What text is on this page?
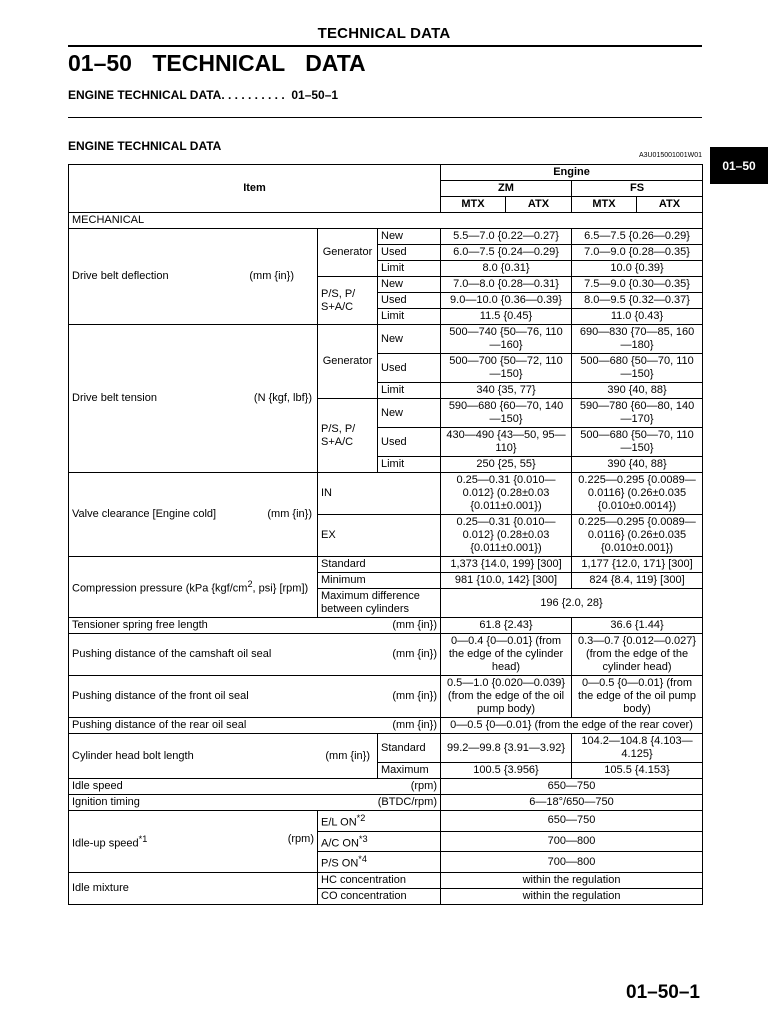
TECHNICAL DATA
01–50 TECHNICAL DATA
ENGINE TECHNICAL DATA. . . . . . . . . .  01–50–1
ENGINE TECHNICAL DATA
A3U015001001W01
01–50
Item			Engine			
			ZM		FS	
			MTX	ATX	MTX	ATX
MECHANICAL						
Drive belt deflection (mm {in})	Generator	New	5.5—7.0 {0.22—0.27}		6.5—7.5 {0.26—0.29}	
		Used	6.0—7.5 {0.24—0.29}		7.0—9.0 {0.28—0.35}	
		Limit	8.0 {0.31}		10.0 {0.39}	
	P/S, P/ S+A/C	New	7.0—8.0 {0.28—0.31}		7.5—9.0 {0.30—0.35}	
		Used	9.0—10.0 {0.36—0.39}		8.0—9.5 {0.32—0.37}	
		Limit	11.5 {0.45}		11.0 {0.43}	
Drive belt tension (N {kgf, lbf})	Generator	New	500—740 {50—76, 110—160}		690—830 {70—85, 160—180}	
		Used	500—700 {50—72, 110—150}		500—680 {50—70, 110—150}	
		Limit	340 {35, 77}		390 {40, 88}	
	P/S, P/ S+A/C	New	590—680 {60—70, 140—150}		590—780 {60—80, 140—170}	
		Used	430—490 {43—50, 95—110}		500—680 {50—70, 110—150}	
		Limit	250 {25, 55}		390 {40, 88}	
Valve clearance [Engine cold] (mm {in})	IN		0.25—0.31 {0.010—0.012} (0.28±0.03 {0.011±0.001})		0.225—0.295 {0.0089—0.0116} (0.26±0.035 {0.010±0.0014})	
	EX		0.25—0.31 {0.010—0.012} (0.28±0.03 {0.011±0.001})		0.225—0.295 {0.0089—0.0116} (0.26±0.035 {0.010±0.001})	
Compression pressure (kPa {$kgf/cm^2$, psi} [rpm])	Standard		1,373 {14.0, 199} [300]		1,177 {12.0, 171} [300]	
	Minimum		981 {10.0, 142} [300]		824 {8.4, 119} [300]	
	Maximum difference between cylinders		196 {2.0, 28}			
Tensioner spring free length (mm {in})			61.8 {2.43}		36.6 {1.44}	
Pushing distance of the camshaft oil seal (mm {in})			0—0.4 {0—0.01} (from the edge of the cylinder head)		0.3—0.7 {0.012—0.027} (from the edge of the cylinder head)	
Pushing distance of the front oil seal (mm {in})			0.5—1.0 {0.020—0.039} (from the edge of the oil pump body)		0—0.5 {0—0.01} (from the edge of the oil pump body)	
Pushing distance of the rear oil seal (mm {in})			0—0.5 {0—0.01} (from the edge of the rear cover)			
Cylinder head bolt length (mm {in})		Standard	99.2—99.8 {3.91—3.92}		104.2—104.8 {4.103—4.125}	
		Maximum	100.5 {3.956}		105.5 {4.153}	
Idle speed (rpm)			650—750			
Ignition timing (BTDC/rpm)			6—18°/650—750			
Idle-up speed$^{*1}$ (rpm)	E/L ON$^{*2}$		650—750			
	A/C ON$^{*3}$		700—800			
	P/S ON$^{*4}$		700—800			
Idle mixture	HC concentration		within the regulation			
	CO concentration		within the regulation			
01–50–1
